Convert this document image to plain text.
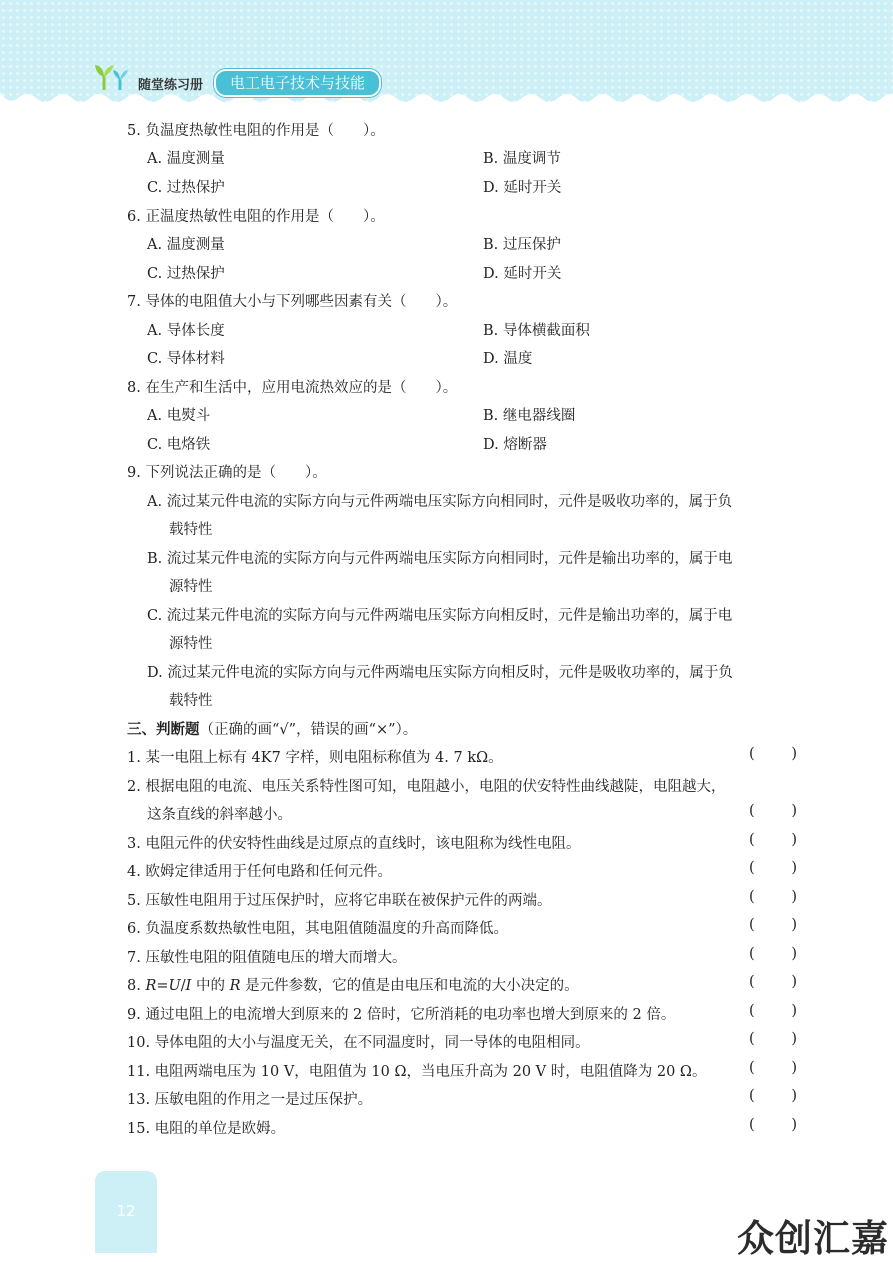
随堂练习册	电工电子技术与技能
5. 负温度热敏性电阻的作用是（　　）。
A. 温度测量	B. 温度调节
C. 过热保护	D. 延时开关
6. 正温度热敏性电阻的作用是（　　）。
A. 温度测量	B. 过压保护
C. 过热保护	D. 延时开关
7. 导体的电阻值大小与下列哪些因素有关（　　）。
A. 导体长度	B. 导体横截面积
C. 导体材料	D. 温度
8. 在生产和生活中，应用电流热效应的是（　　）。
A. 电熨斗	B. 继电器线圈
C. 电烙铁	D. 熔断器
9. 下列说法正确的是（　　）。
A. 流过某元件电流的实际方向与元件两端电压实际方向相同时，元件是吸收功率的，属于负
载特性
B. 流过某元件电流的实际方向与元件两端电压实际方向相同时，元件是输出功率的，属于电
源特性
C. 流过某元件电流的实际方向与元件两端电压实际方向相反时，元件是输出功率的，属于电
源特性
D. 流过某元件电流的实际方向与元件两端电压实际方向相反时，元件是吸收功率的，属于负
载特性
三、判断题（正确的画“√”，错误的画“×”）。
1. 某一电阻上标有 4K7 字样，则电阻标称值为 4. 7 kΩ。	(	)
2. 根据电阻的电流、电压关系特性图可知，电阻越小，电阻的伏安特性曲线越陡，电阻越大，
这条直线的斜率越小。	(	)
3. 电阻元件的伏安特性曲线是过原点的直线时，该电阻称为线性电阻。	(	)
4. 欧姆定律适用于任何电路和任何元件。	(	)
5. 压敏性电阻用于过压保护时，应将它串联在被保护元件的两端。	(	)
6. 负温度系数热敏性电阻，其电阻值随温度的升高而降低。	(	)
7. 压敏性电阻的阻值随电压的增大而增大。	(	)
8. R=U/I 中的 R 是元件参数，它的值是由电压和电流的大小决定的。	(	)
9. 通过电阻上的电流增大到原来的 2 倍时，它所消耗的电功率也增大到原来的 2 倍。	(	)
10. 导体电阻的大小与温度无关，在不同温度时，同一导体的电阻相同。	(	)
11. 电阻两端电压为 10 V，电阻值为 10 Ω，当电压升高为 20 V 时，电阻值降为 20 Ω。	(	)
13. 压敏电阻的作用之一是过压保护。	(	)
15. 电阻的单位是欧姆。	(	)
12
众创汇嘉
